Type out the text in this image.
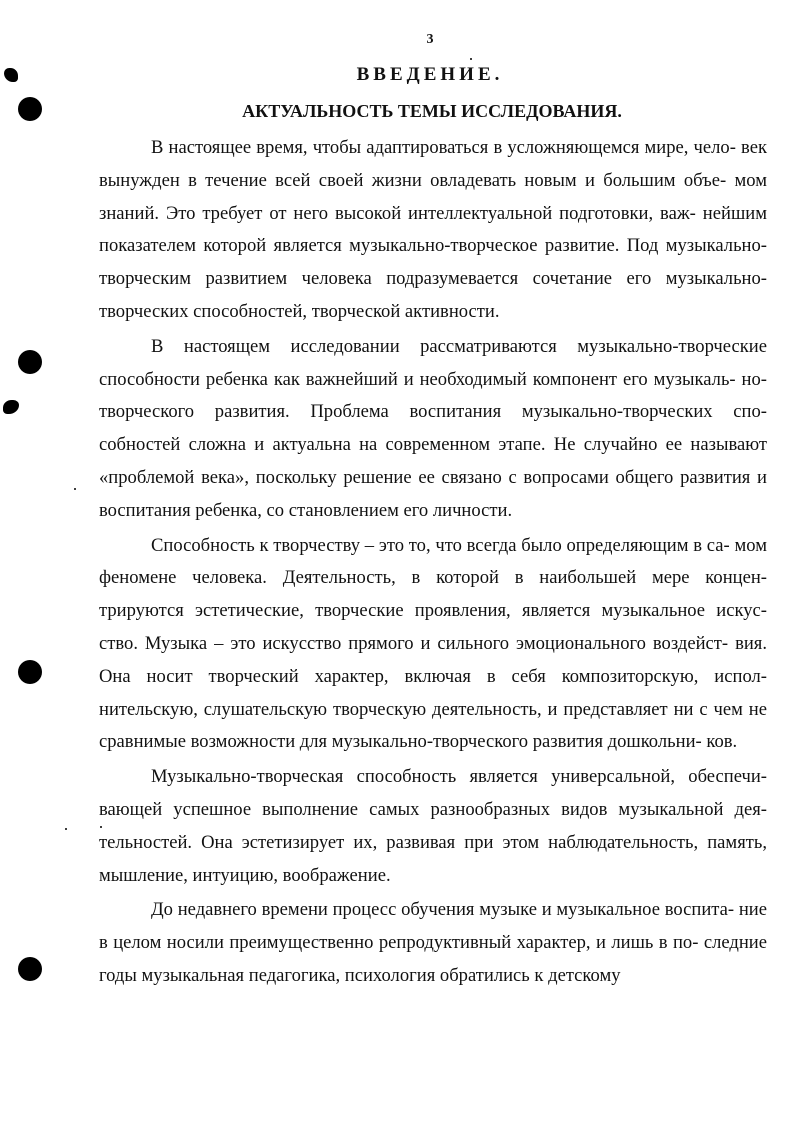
3
ВВЕДЕНИЕ.
АКТУАЛЬНОСТЬ ТЕМЫ ИССЛЕДОВАНИЯ.

В настоящее время, чтобы адаптироваться в усложняющемся мире, чело- век вынужден в течение всей своей жизни овладевать новым и большим объе- мом знаний. Это требует от него высокой интеллектуальной подготовки, важ- нейшим показателем которой является музыкально-творческое развитие. Под музыкально-творческим развитием человека подразумевается сочетание его музыкально-творческих способностей, творческой активности.

В настоящем исследовании рассматриваются музыкально-творческие способности ребенка как важнейший и необходимый компонент его музыкаль- но-творческого развития. Проблема воспитания музыкально-творческих спо- собностей сложна и актуальна на современном этапе. Не случайно ее называют «проблемой века», поскольку решение ее связано с вопросами общего развития и воспитания ребенка, со становлением его личности.

Способность к творчеству – это то, что всегда было определяющим в са- мом феномене человека. Деятельность, в которой в наибольшей мере концен- трируются эстетические, творческие проявления, является музыкальное искус- ство. Музыка – это искусство прямого и сильного эмоционального воздейст- вия. Она носит творческий характер, включая в себя композиторскую, испол- нительскую, слушательскую творческую деятельность, и представляет ни с чем не сравнимые возможности для музыкально-творческого развития дошкольни- ков.

Музыкально-творческая способность является универсальной, обеспечи- вающей успешное выполнение самых разнообразных видов музыкальной дея- тельностей. Она эстетизирует их, развивая при этом наблюдательность, память, мышление, интуицию, воображение.

До недавнего времени процесс обучения музыке и музыкальное воспита- ние в целом носили преимущественно репродуктивный характер, и лишь в по- следние годы музыкальная педагогика, психология обратились к детскому
